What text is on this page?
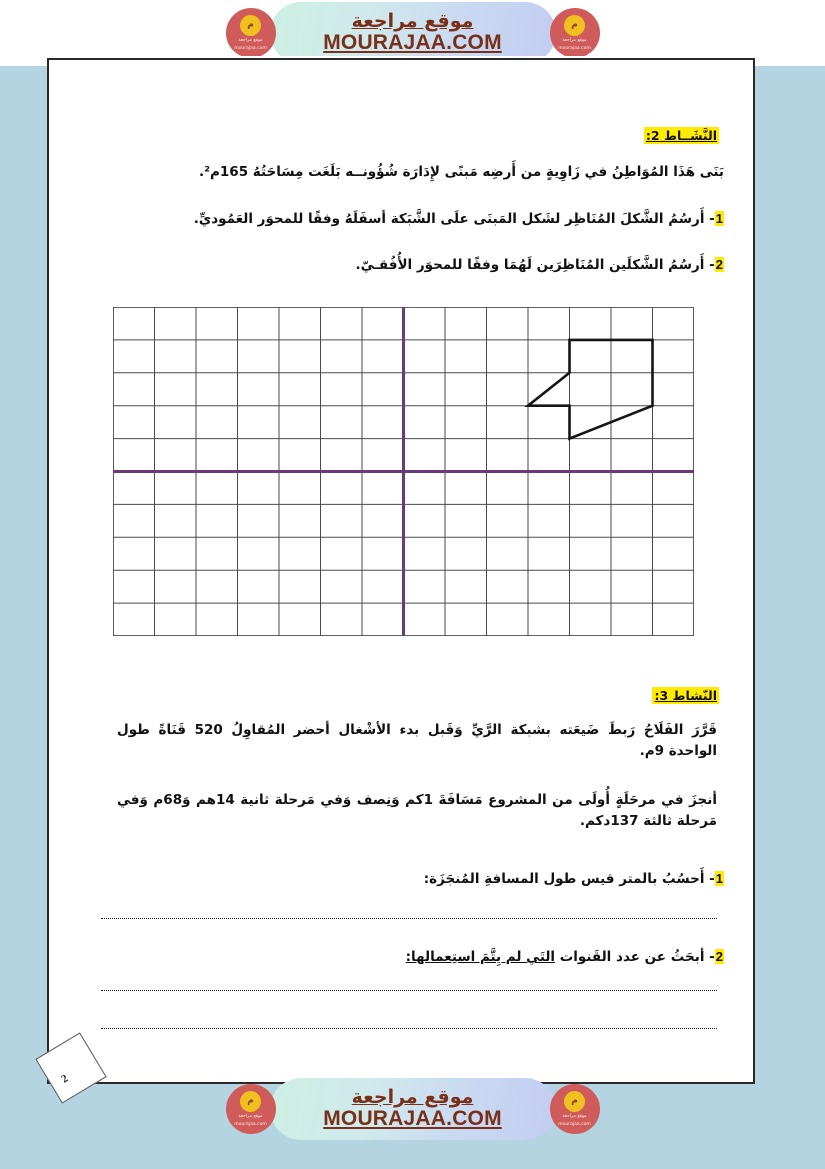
م
موقع مراجعة
mourajaa.com
موقع مراجعة
MOURAJAA.COM
م
موقع مراجعة
mourajaa.com
النَّشَــاط 2:
بَنَى هَذَا المُوَاطِنُ في زَاوِيةٍ من أَرضِه مَبنًى لإِدَارَة شُؤُونــه بَلَغَت مِسَاحَتُهُ 165م²‎.
1- أَرسُمُ الشَّكلَ المُنَاظِر لشَكل المَبنَى علَى الشَّبَكة أسفَلَهُ وفقًا للمحوَر العَمُوديِّ.
2- أَرسُمُ الشَّكلَين المُنَاظِرَين لَهُمَا وفقًا للمحوَر الأُفُقـيّ.
النّشاط 3:
قَرَّرَ الفَلَاحُ رَبطَ ضَيعَته بشبكة الرَّيِّ وَقَبل بدء الأشْغال أحضر المُقاوِلُ 520 قَنَاةً طول الواحدة 9م.
أنجزَ في مرحَلَةٍ أُولَى من المشروع مَسَافَةَ 1كم وَنِصف وَفي مَرحلة ثانية 14هم وَ68م وَفي مَرحلة ثالثة 137دكم.
1- أَحسُبُ بالمتر قيس طول المسافةِ المُنجَزَة:
2- أبحَثُ عن عدد القَنوات التَي لم يِتَّمَ استِعمالها:
2
م
موقع مراجعة
mourajaa.com
موقع مراجعة
MOURAJAA.COM
م
موقع مراجعة
mourajaa.com
